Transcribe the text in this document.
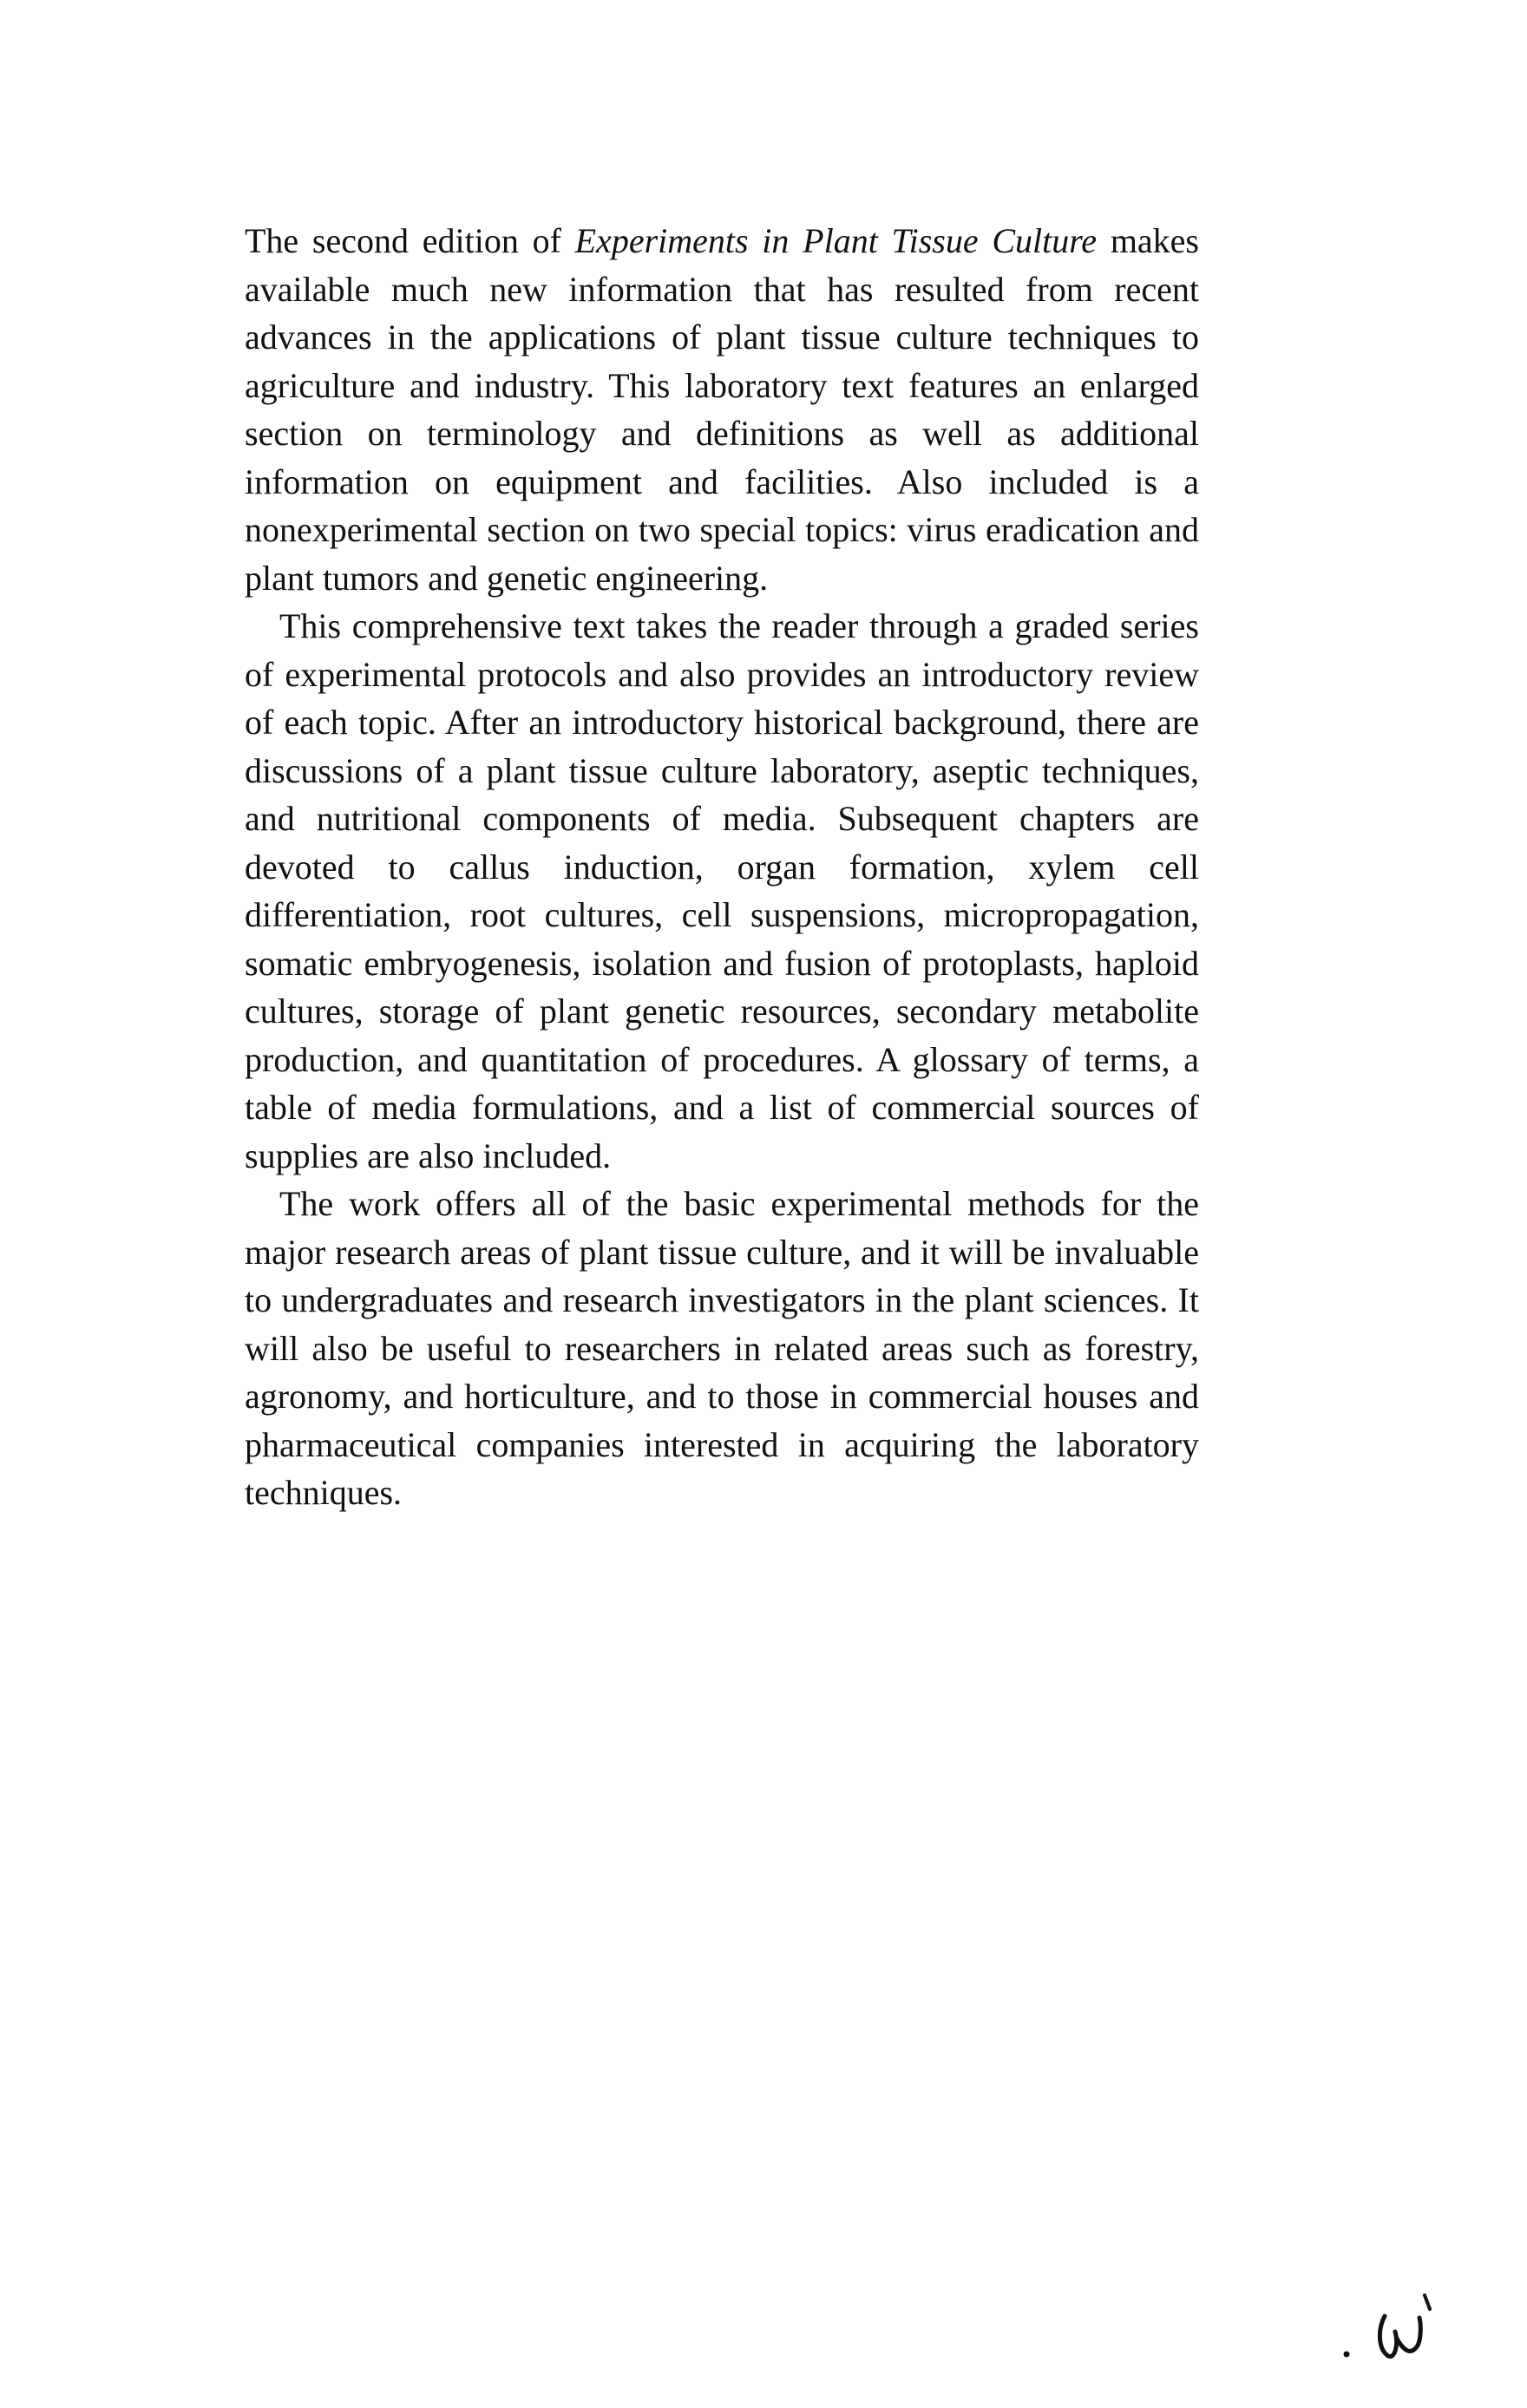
The second edition of Experiments in Plant Tissue Culture makes available much new information that has resulted from recent advances in the applications of plant tissue culture techniques to agriculture and industry. This laboratory text features an enlarged section on terminology and definitions as well as additional information on equipment and facilities. Also included is a nonexperimental section on two special topics: virus eradication and plant tumors and genetic engineering.

This comprehensive text takes the reader through a graded series of experimental protocols and also provides an introductory review of each topic. After an introductory historical background, there are discussions of a plant tissue culture laboratory, aseptic techniques, and nutritional components of media. Subsequent chapters are devoted to callus induction, organ formation, xylem cell differentiation, root cultures, cell suspensions, micropropagation, somatic embryogenesis, isolation and fusion of protoplasts, haploid cultures, storage of plant genetic resources, secondary metabolite production, and quantitation of procedures. A glossary of terms, a table of media formulations, and a list of commercial sources of supplies are also included.

The work offers all of the basic experimental methods for the major research areas of plant tissue culture, and it will be invaluable to undergraduates and research investigators in the plant sciences. It will also be useful to researchers in related areas such as forestry, agronomy, and horticulture, and to those in commercial houses and pharmaceutical companies interested in acquiring the laboratory techniques.
